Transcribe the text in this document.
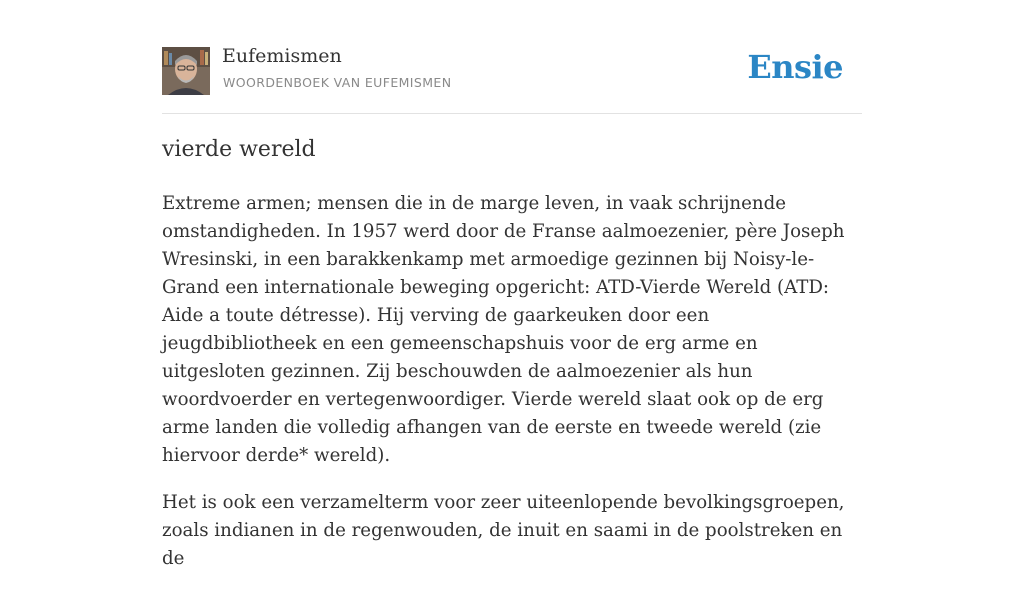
Eufemismen
WOORDENBOEK VAN EUFEMISMEN	Ensie
vierde wereld

Extreme armen; mensen die in de marge leven, in vaak schrijnende omstandigheden. In 1957 werd door de Franse aalmoezenier, père Joseph Wresinski, in een barakkenkamp met armoedige gezinnen bij Noisy-le-Grand een internationale beweging opgericht: ATD-Vierde Wereld (ATD: Aide a toute détresse). Hij verving de gaarkeuken door een jeugdbibliotheek en een gemeenschapshuis voor de erg arme en uitgesloten gezinnen. Zij beschouwden de aalmoezenier als hun woordvoerder en vertegenwoordiger. Vierde wereld slaat ook op de erg arme landen die volledig afhangen van de eerste en tweede wereld (zie hiervoor derde* wereld).

Het is ook een verzamelterm voor zeer uiteenlopende bevolkingsgroepen, zoals indianen in de regenwouden, de inuit en saami in de poolstreken en de
